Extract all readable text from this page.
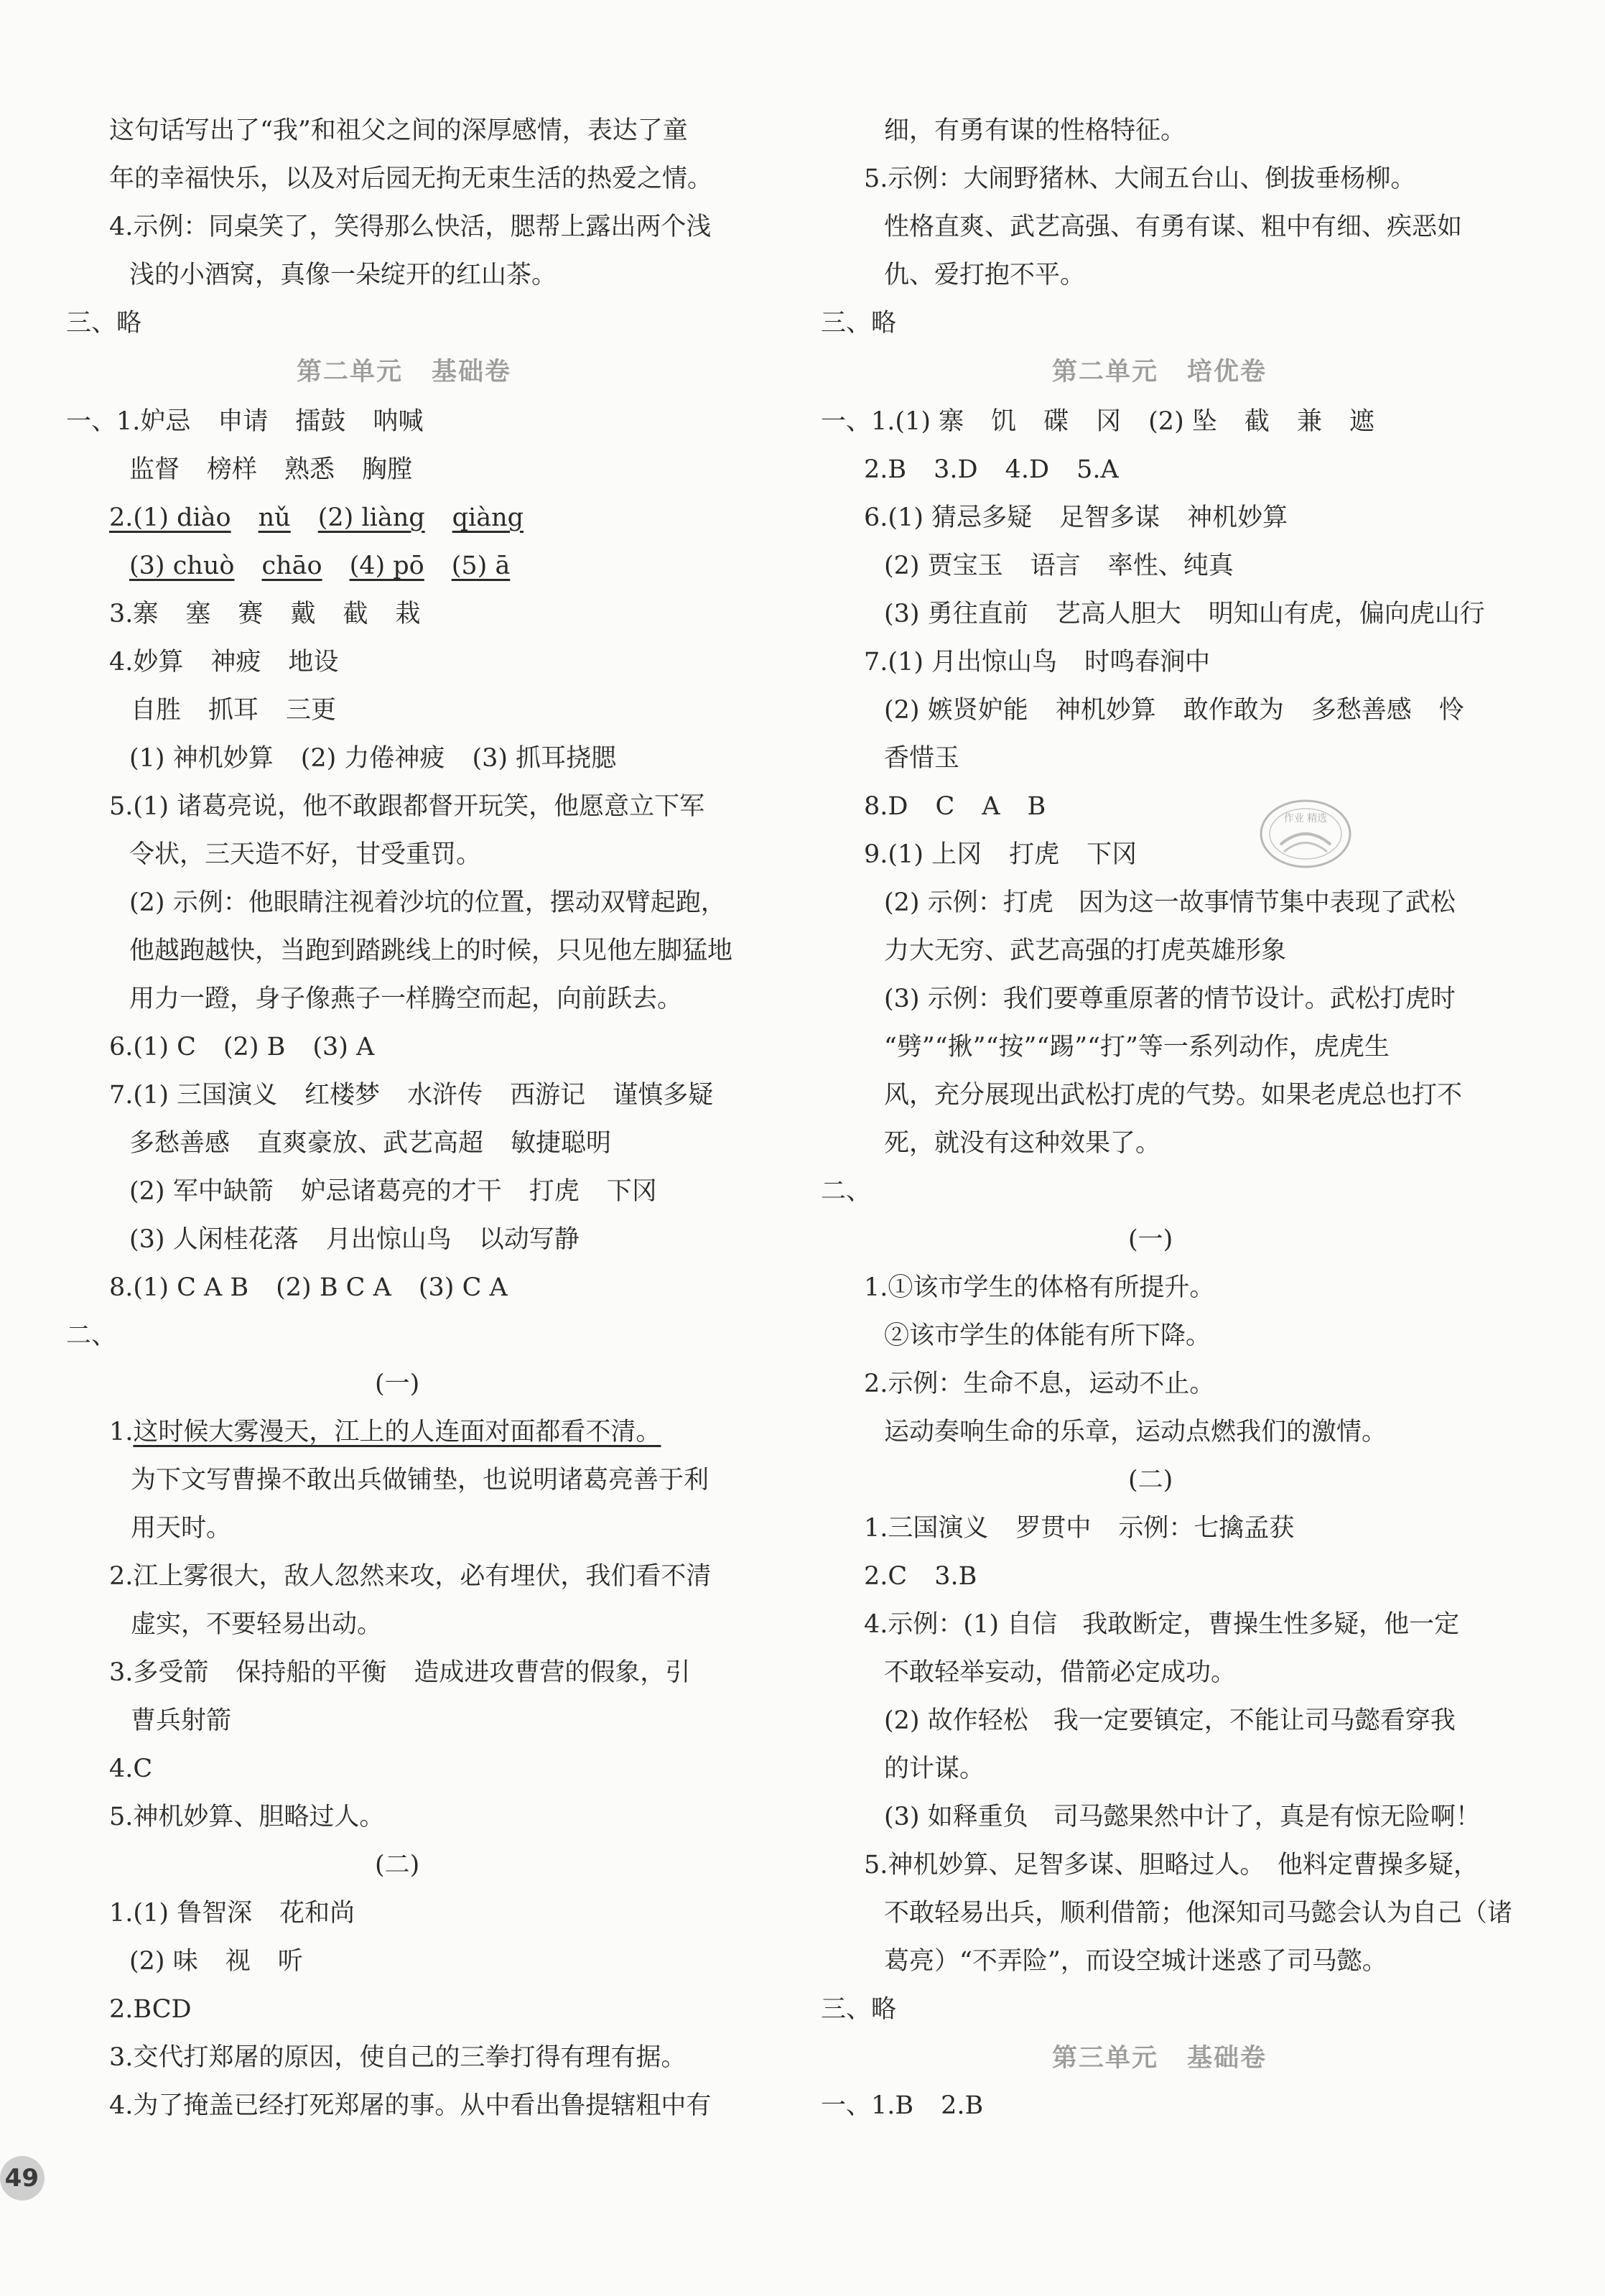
这句话写出了“我”和祖父之间的深厚感情，表达了童
年的幸福快乐，以及对后园无拘无束生活的热爱之情。
4.示例：同桌笑了，笑得那么快活，腮帮上露出两个浅
浅的小酒窝，真像一朵绽开的红山茶。
三、略
第二单元 基础卷
一、1.妒忌 申请 擂鼓 呐喊
监督 榜样 熟悉 胸膛
2.(1) diào nǔ (2) liàng qiàng
(3) chuò chāo (4) pō (5) ā
3.寨 塞 赛 戴 截 栽
4.妙算 神疲 地设
自胜 抓耳 三更
(1) 神机妙算 (2) 力倦神疲 (3) 抓耳挠腮
5.(1) 诸葛亮说，他不敢跟都督开玩笑，他愿意立下军
令状，三天造不好，甘受重罚。
(2) 示例：他眼睛注视着沙坑的位置，摆动双臂起跑，
他越跑越快，当跑到踏跳线上的时候，只见他左脚猛地
用力一蹬，身子像燕子一样腾空而起，向前跃去。
6.(1) C (2) B (3) A
7.(1) 三国演义 红楼梦 水浒传 西游记 谨慎多疑
多愁善感 直爽豪放、武艺高超 敏捷聪明
(2) 军中缺箭 妒忌诸葛亮的才干 打虎 下冈
(3) 人闲桂花落 月出惊山鸟 以动写静
8.(1) C A B (2) B C A (3) C A
二、
(一)
1.这时候大雾漫天，江上的人连面对面都看不清。
为下文写曹操不敢出兵做铺垫，也说明诸葛亮善于利
用天时。
2.江上雾很大，敌人忽然来攻，必有埋伏，我们看不清
虚实，不要轻易出动。
3.多受箭 保持船的平衡 造成进攻曹营的假象，引
曹兵射箭
4.C
5.神机妙算、胆略过人。
(二)
1.(1) 鲁智深 花和尚
(2) 味 视 听
2.BCD
3.交代打郑屠的原因，使自己的三拳打得有理有据。
4.为了掩盖已经打死郑屠的事。从中看出鲁提辖粗中有
细，有勇有谋的性格特征。
5.示例：大闹野猪林、大闹五台山、倒拔垂杨柳。
性格直爽、武艺高强、有勇有谋、粗中有细、疾恶如
仇、爱打抱不平。
三、略
第二单元 培优卷
一、1.(1) 寨 饥 碟 冈 (2) 坠 截 兼 遮
2.B 3.D 4.D 5.A
6.(1) 猜忌多疑 足智多谋 神机妙算
(2) 贾宝玉 语言 率性、纯真
(3) 勇往直前 艺高人胆大 明知山有虎，偏向虎山行
7.(1) 月出惊山鸟 时鸣春涧中
(2) 嫉贤妒能 神机妙算 敢作敢为 多愁善感 怜
香惜玉
8.D C A B
9.(1) 上冈 打虎 下冈
(2) 示例：打虎　因为这一故事情节集中表现了武松
力大无穷、武艺高强的打虎英雄形象
(3) 示例：我们要尊重原著的情节设计。武松打虎时
“劈”“揪”“按”“踢”“打”等一系列动作，虎虎生
风，充分展现出武松打虎的气势。如果老虎总也打不
死，就没有这种效果了。
二、
(一)
1.①该市学生的体格有所提升。
②该市学生的体能有所下降。
2.示例：生命不息，运动不止。
运动奏响生命的乐章，运动点燃我们的激情。
(二)
1.三国演义 罗贯中 示例：七擒孟获
2.C 3.B
4.示例：(1) 自信　我敢断定，曹操生性多疑，他一定
不敢轻举妄动，借箭必定成功。
(2) 故作轻松　我一定要镇定，不能让司马懿看穿我
的计谋。
(3) 如释重负　司马懿果然中计了，真是有惊无险啊！
5.神机妙算、足智多谋、胆略过人。　他料定曹操多疑，
不敢轻易出兵，顺利借箭；他深知司马懿会认为自己（诸
葛亮）“不弄险”，而设空城计迷惑了司马懿。
三、略
第三单元 基础卷
一、1.B 2.B
作业 精选
49
